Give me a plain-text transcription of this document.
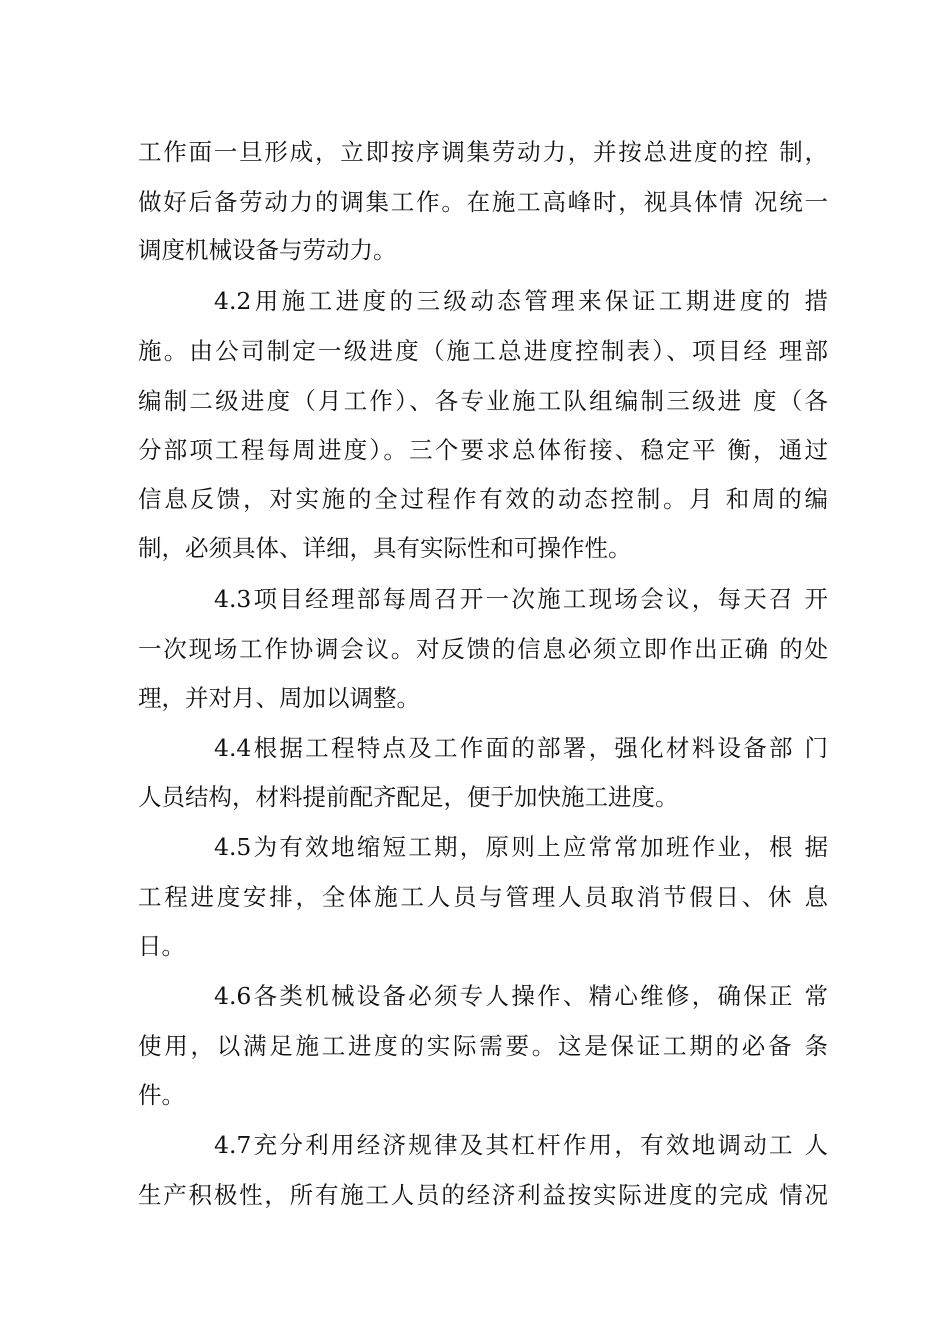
工作面一旦形成，立即按序调集劳动力，并按总进度的控 制，
做好后备劳动力的调集工作。在施工高峰时，视具体情 况统一
调度机械设备与劳动力。
4.2用施工进度的三级动态管理来保证工期进度的 措
施。由公司制定一级进度（施工总进度控制表）、项目经 理部
编制二级进度（月工作）、各专业施工队组编制三级进 度（各
分部项工程每周进度）。三个要求总体衔接、稳定平 衡，通过
信息反馈，对实施的全过程作有效的动态控制。月 和周的编
制，必须具体、详细，具有实际性和可操作性。
4.3项目经理部每周召开一次施工现场会议，每天召 开
一次现场工作协调会议。对反馈的信息必须立即作出正确 的处
理，并对月、周加以调整。
4.4根据工程特点及工作面的部署，强化材料设备部 门
人员结构，材料提前配齐配足，便于加快施工进度。
4.5为有效地缩短工期，原则上应常常加班作业，根 据
工程进度安排，全体施工人员与管理人员取消节假日、休 息
日。
4.6各类机械设备必须专人操作、精心维修，确保正 常
使用，以满足施工进度的实际需要。这是保证工期的必备 条
件。
4.7充分利用经济规律及其杠杆作用，有效地调动工 人
生产积极性，所有施工人员的经济利益按实际进度的完成 情况
